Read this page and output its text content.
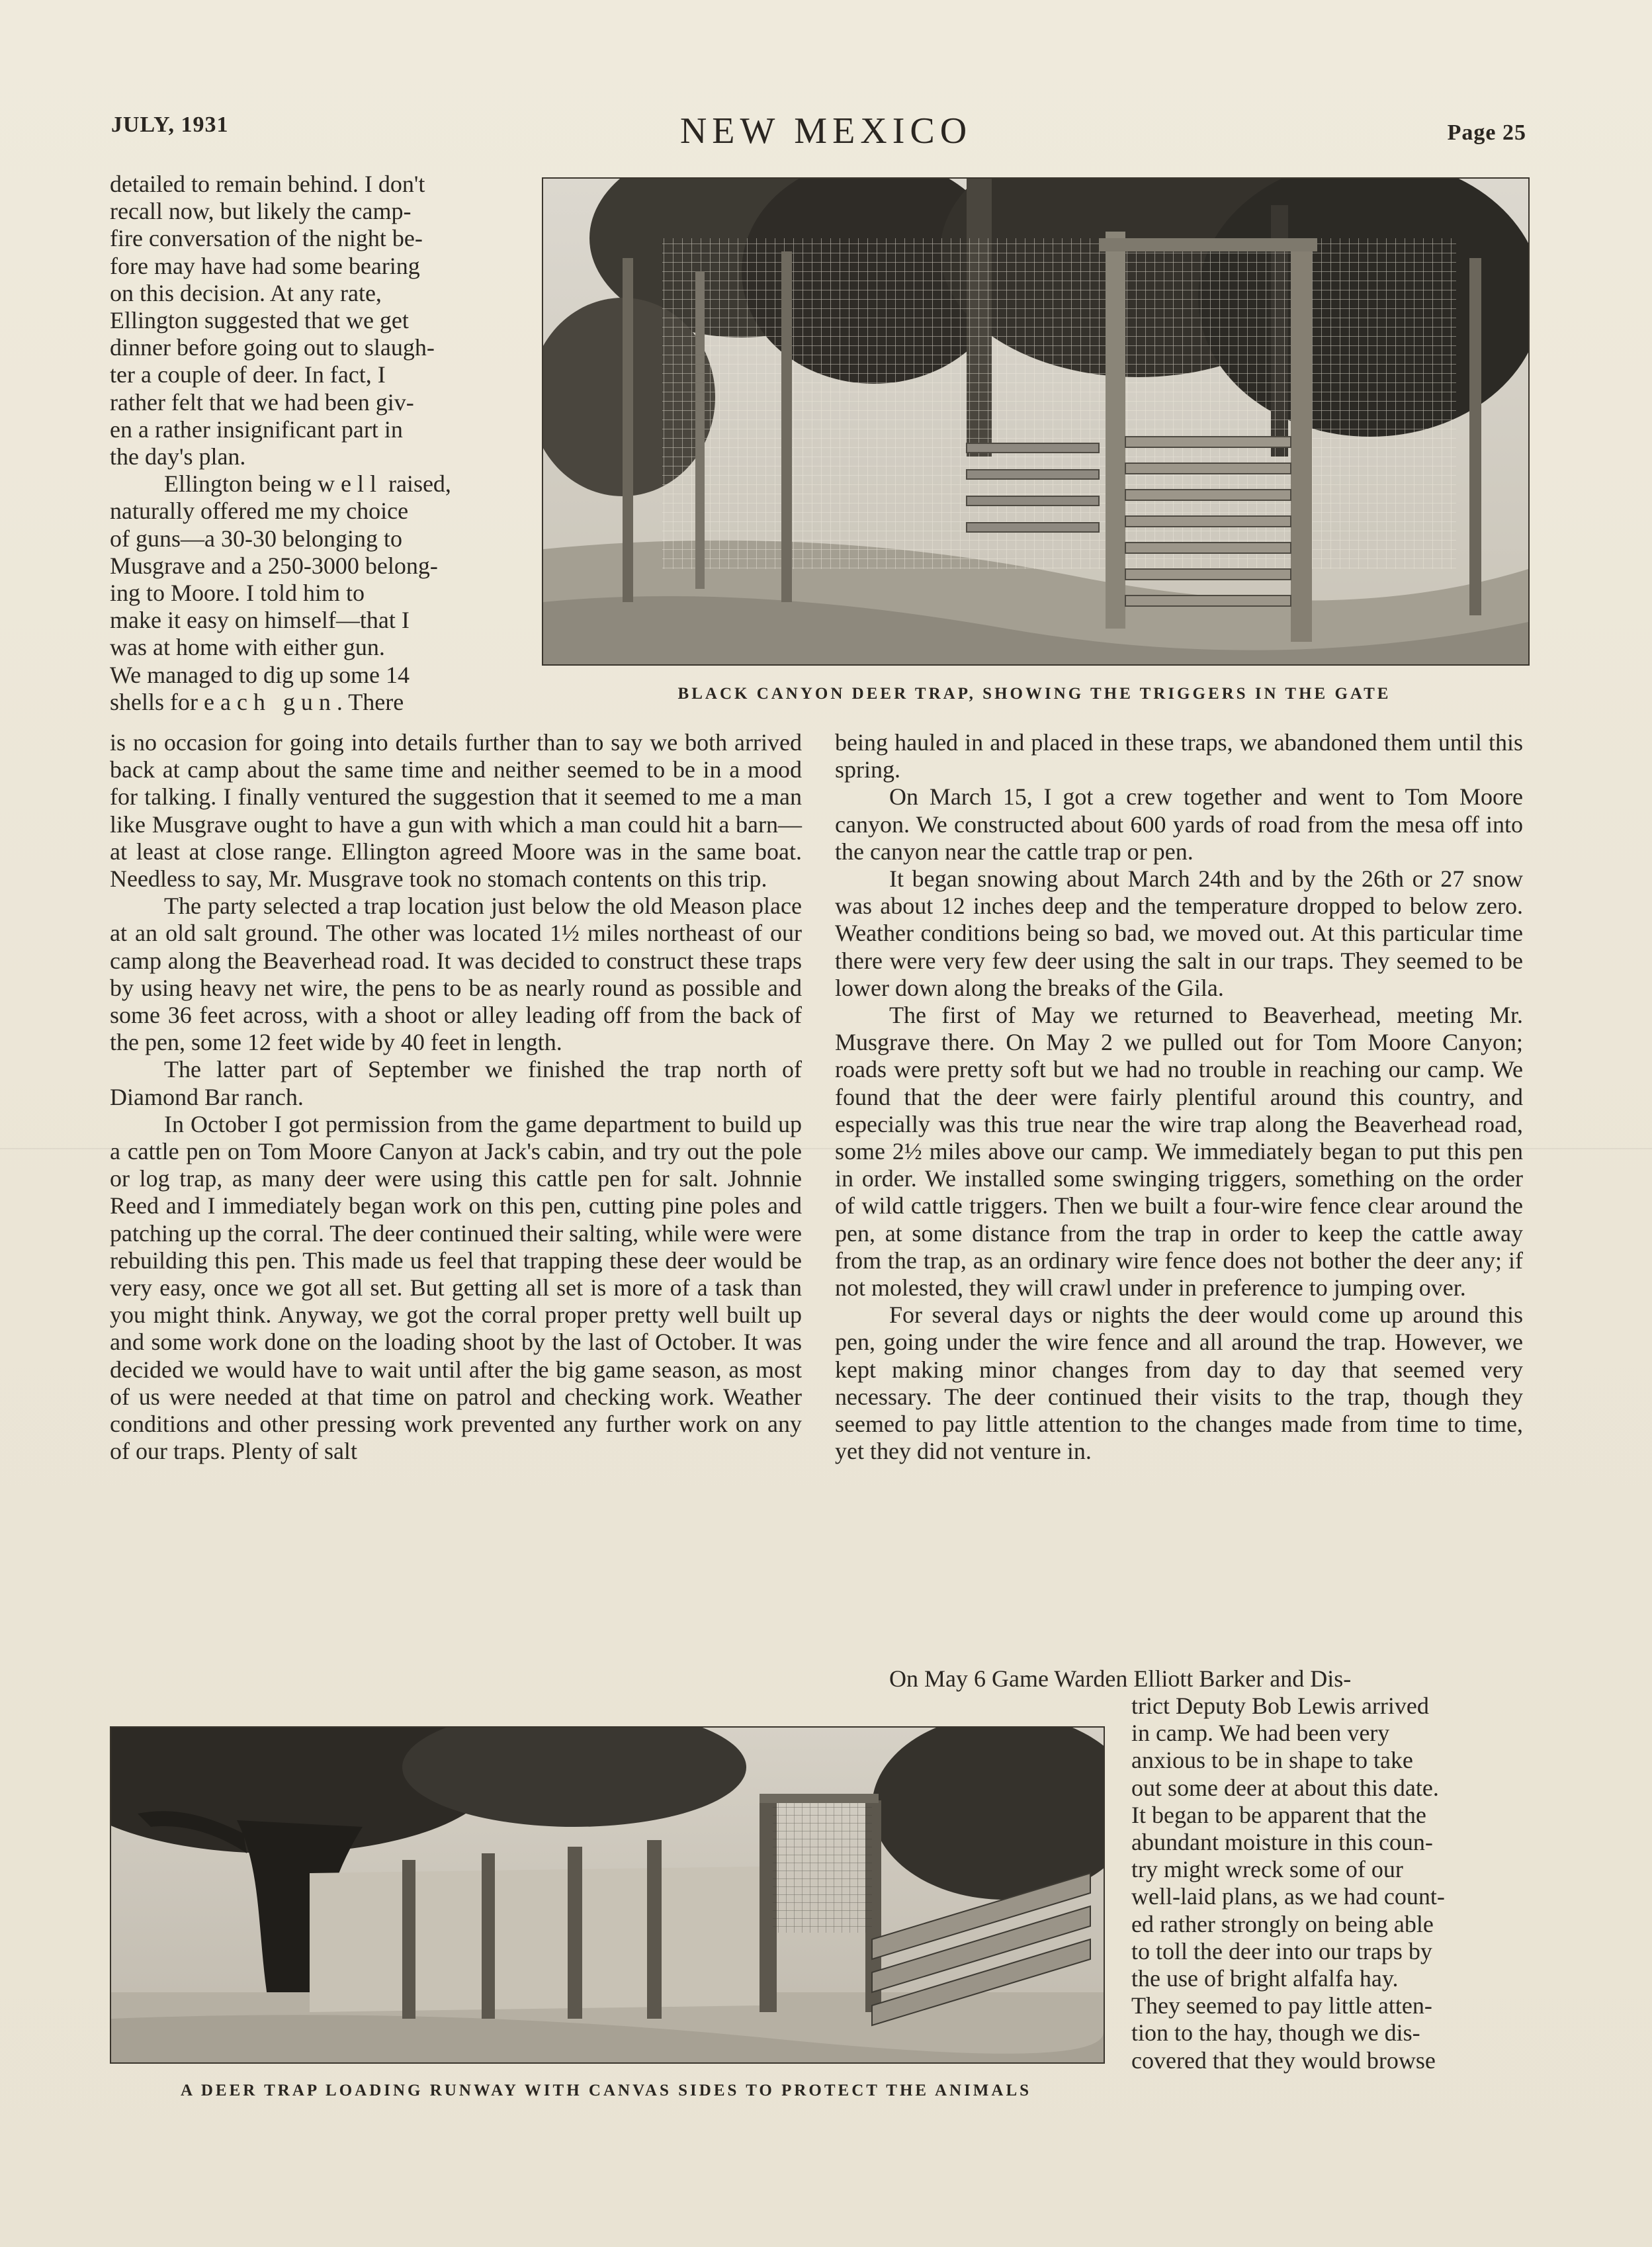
JULY, 1931	NEW MEXICO	Page 25
BLACK CANYON DEER TRAP, SHOWING THE TRIGGERS IN THE GATE

detailed to remain behind. I don't

recall now, but likely the camp-

fire conversation of the night be-

fore may have had some bearing

on this decision. At any rate,

Ellington suggested that we get

dinner before going out to slaugh-

ter a couple of deer. In fact, I

rather felt that we had been giv-

en a rather insignificant part in

the day's plan.

Ellington being well raised,

naturally offered me my choice

of guns—a 30-30 belonging to

Musgrave and a 250-3000 belong-

ing to Moore. I told him to

make it easy on himself—that I

was at home with either gun.

We managed to dig up some 14

shells for each gun. There

is no occasion for going into details further than to say we both arrived back at camp about the same time and neither seemed to be in a mood for talking. I finally ventured the suggestion that it seemed to me a man like Musgrave ought to have a gun with which a man could hit a barn—at least at close range. Ellington agreed Moore was in the same boat. Needless to say, Mr. Musgrave took no stomach contents on this trip.

The party selected a trap location just below the old Meason place at an old salt ground. The other was located 1½ miles northeast of our camp along the Beaverhead road. It was decided to construct these traps by using heavy net wire, the pens to be as nearly round as possible and some 36 feet across, with a shoot or alley leading off from the back of the pen, some 12 feet wide by 40 feet in length.

The latter part of September we finished the trap north of Diamond Bar ranch.

In October I got permission from the game department to build up a cattle pen on Tom Moore Canyon at Jack's cabin, and try out the pole or log trap, as many deer were using this cattle pen for salt. Johnnie Reed and I immediately began work on this pen, cutting pine poles and patching up the corral. The deer continued their salting, while were were rebuilding this pen. This made us feel that trapping these deer would be very easy, once we got all set. But getting all set is more of a task than you might think. Anyway, we got the corral proper pretty well built up and some work done on the loading shoot by the last of October. It was decided we would have to wait until after the big game season, as most of us were needed at that time on patrol and checking work. Weather conditions and other pressing work prevented any further work on any of our traps. Plenty of salt

being hauled in and placed in these traps, we abandoned them until this spring.

On March 15, I got a crew together and went to Tom Moore canyon. We constructed about 600 yards of road from the mesa off into the canyon near the cattle trap or pen.

It began snowing about March 24th and by the 26th or 27 snow was about 12 inches deep and the temperature dropped to below zero. Weather conditions being so bad, we moved out. At this particular time there were very few deer using the salt in our traps. They seemed to be lower down along the breaks of the Gila.

The first of May we returned to Beaverhead, meeting Mr. Musgrave there. On May 2 we pulled out for Tom Moore Canyon; roads were pretty soft but we had no trouble in reaching our camp. We found that the deer were fairly plentiful around this country, and especially was this true near the wire trap along the Beaverhead road, some 2½ miles above our camp. We immediately began to put this pen in order. We installed some swinging triggers, something on the order of wild cattle triggers. Then we built a four-wire fence clear around the pen, at some distance from the trap in order to keep the cattle away from the trap, as an ordinary wire fence does not bother the deer any; if not molested, they will crawl under in preference to jumping over.

For several days or nights the deer would come up around this pen, going under the wire fence and all around the trap. However, we kept making minor changes from day to day that seemed very necessary. The deer continued their visits to the trap, though they seemed to pay little attention to the changes made from time to time, yet they did not venture in.

On May 6 Game Warden Elliott Barker and Dis-

trict Deputy Bob Lewis arrived

in camp. We had been very

anxious to be in shape to take

out some deer at about this date.

It began to be apparent that the

abundant moisture in this coun-

try might wreck some of our

well-laid plans, as we had count-

ed rather strongly on being able

to toll the deer into our traps by

the use of bright alfalfa hay.

They seemed to pay little atten-

tion to the hay, though we dis-

covered that they would browse

A DEER TRAP LOADING RUNWAY WITH CANVAS SIDES TO PROTECT THE ANIMALS
